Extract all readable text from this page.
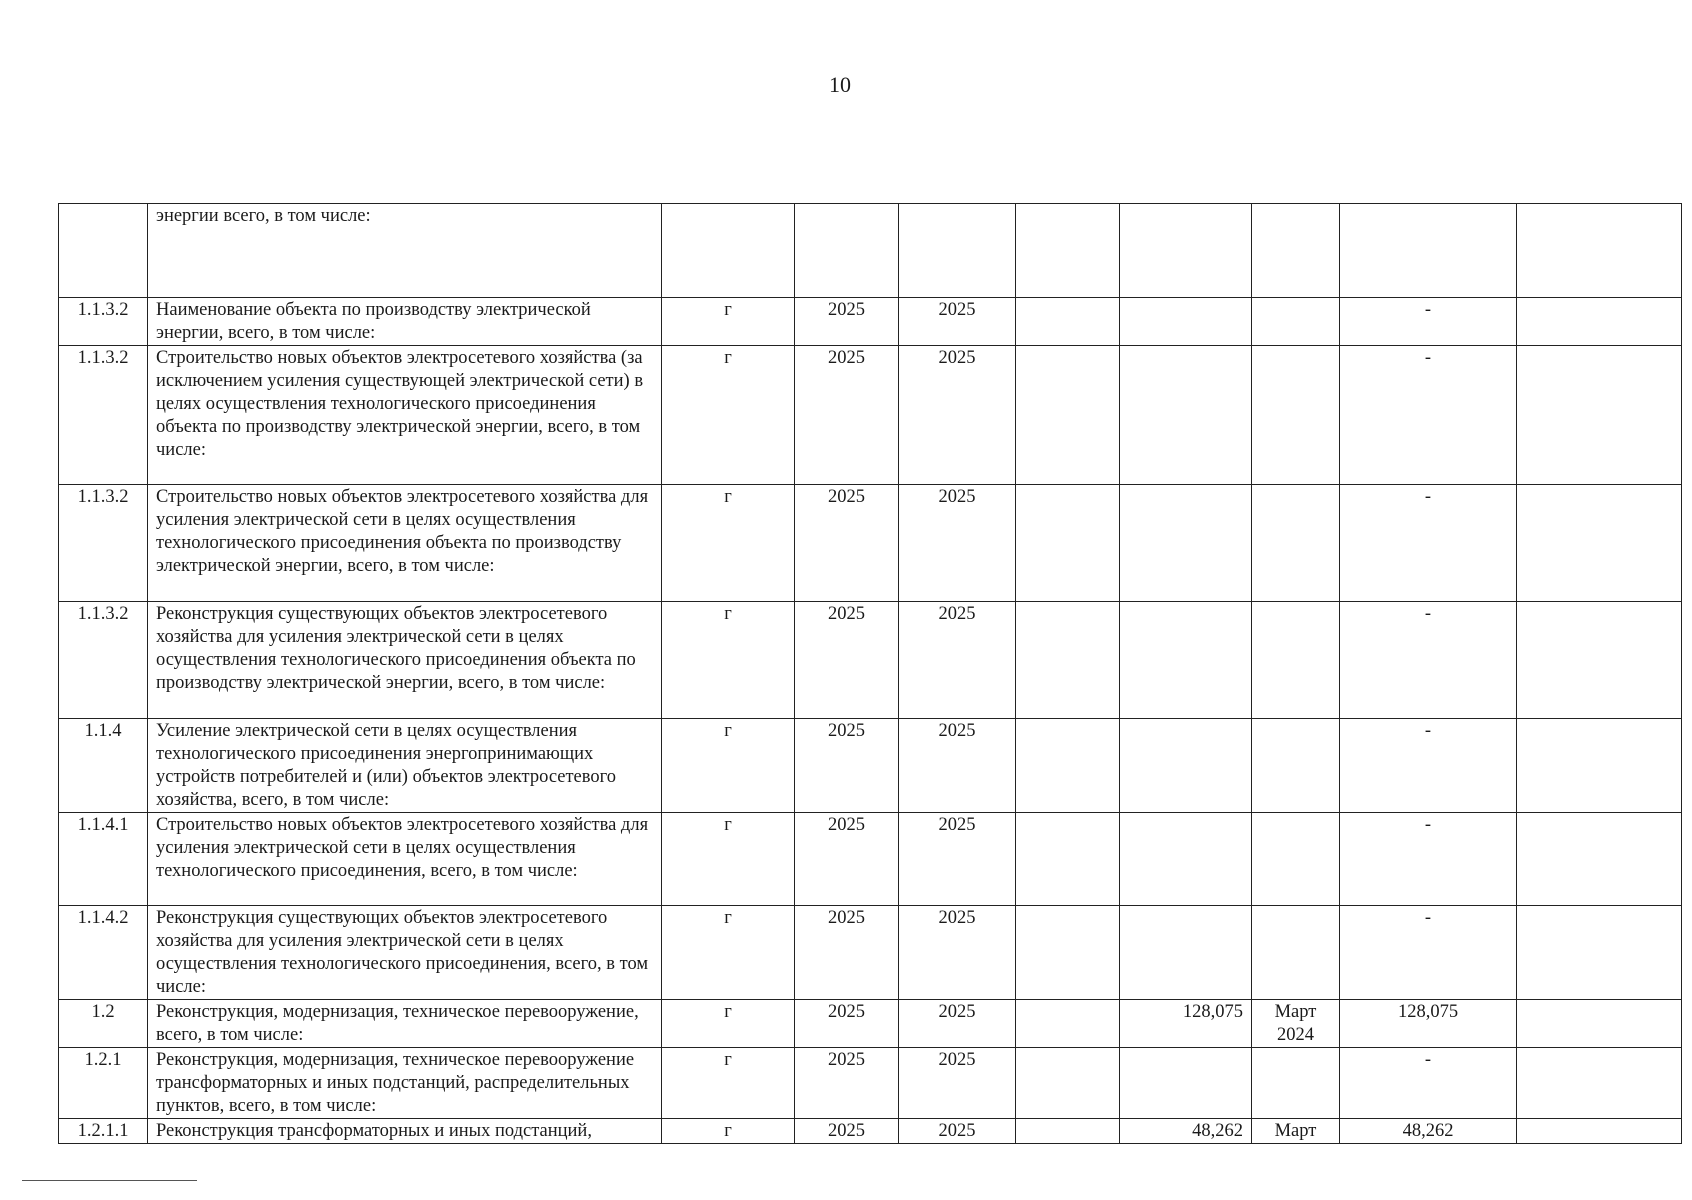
10
	энергии всего, в том числе:								
1.1.3.2	Наименование объекта по производству электрической энергии, всего, в том числе:	г	2025	2025				-	
1.1.3.2	Строительство новых объектов электросетевого хозяйства (за исключением усиления существующей электрической сети) в целях осуществления технологического присоединения объекта по производству электрической энергии, всего, в том числе:	г	2025	2025				-	
1.1.3.2	Строительство новых объектов электросетевого хозяйства для усиления электрической сети в целях осуществления технологического присоединения объекта по производству электрической энергии, всего, в том числе:	г	2025	2025				-	
1.1.3.2	Реконструкция существующих объектов электросетевого хозяйства для усиления электрической сети в целях осуществления технологического присоединения объекта по производству электрической энергии, всего, в том числе:	г	2025	2025				-	
1.1.4	Усиление электрической сети в целях осуществления технологического присоединения энергопринимающих устройств потребителей и (или) объектов электросетевого хозяйства, всего, в том числе:	г	2025	2025				-	
1.1.4.1	Строительство новых объектов электросетевого хозяйства для усиления электрической сети в целях осуществления технологического присоединения, всего, в том числе:	г	2025	2025				-	
1.1.4.2	Реконструкция существующих объектов электросетевого хозяйства для усиления электрической сети в целях осуществления технологического присоединения, всего, в том числе:	г	2025	2025				-	
1.2	Реконструкция, модернизация, техническое перевооружение, всего, в том числе:	г	2025	2025		128,075	Март 2024	128,075	
1.2.1	Реконструкция, модернизация, техническое перевооружение трансформаторных и иных подстанций, распределительных пунктов, всего, в том числе:	г	2025	2025				-	
1.2.1.1	Реконструкция трансформаторных и иных подстанций,	г	2025	2025		48,262	Март	48,262	
